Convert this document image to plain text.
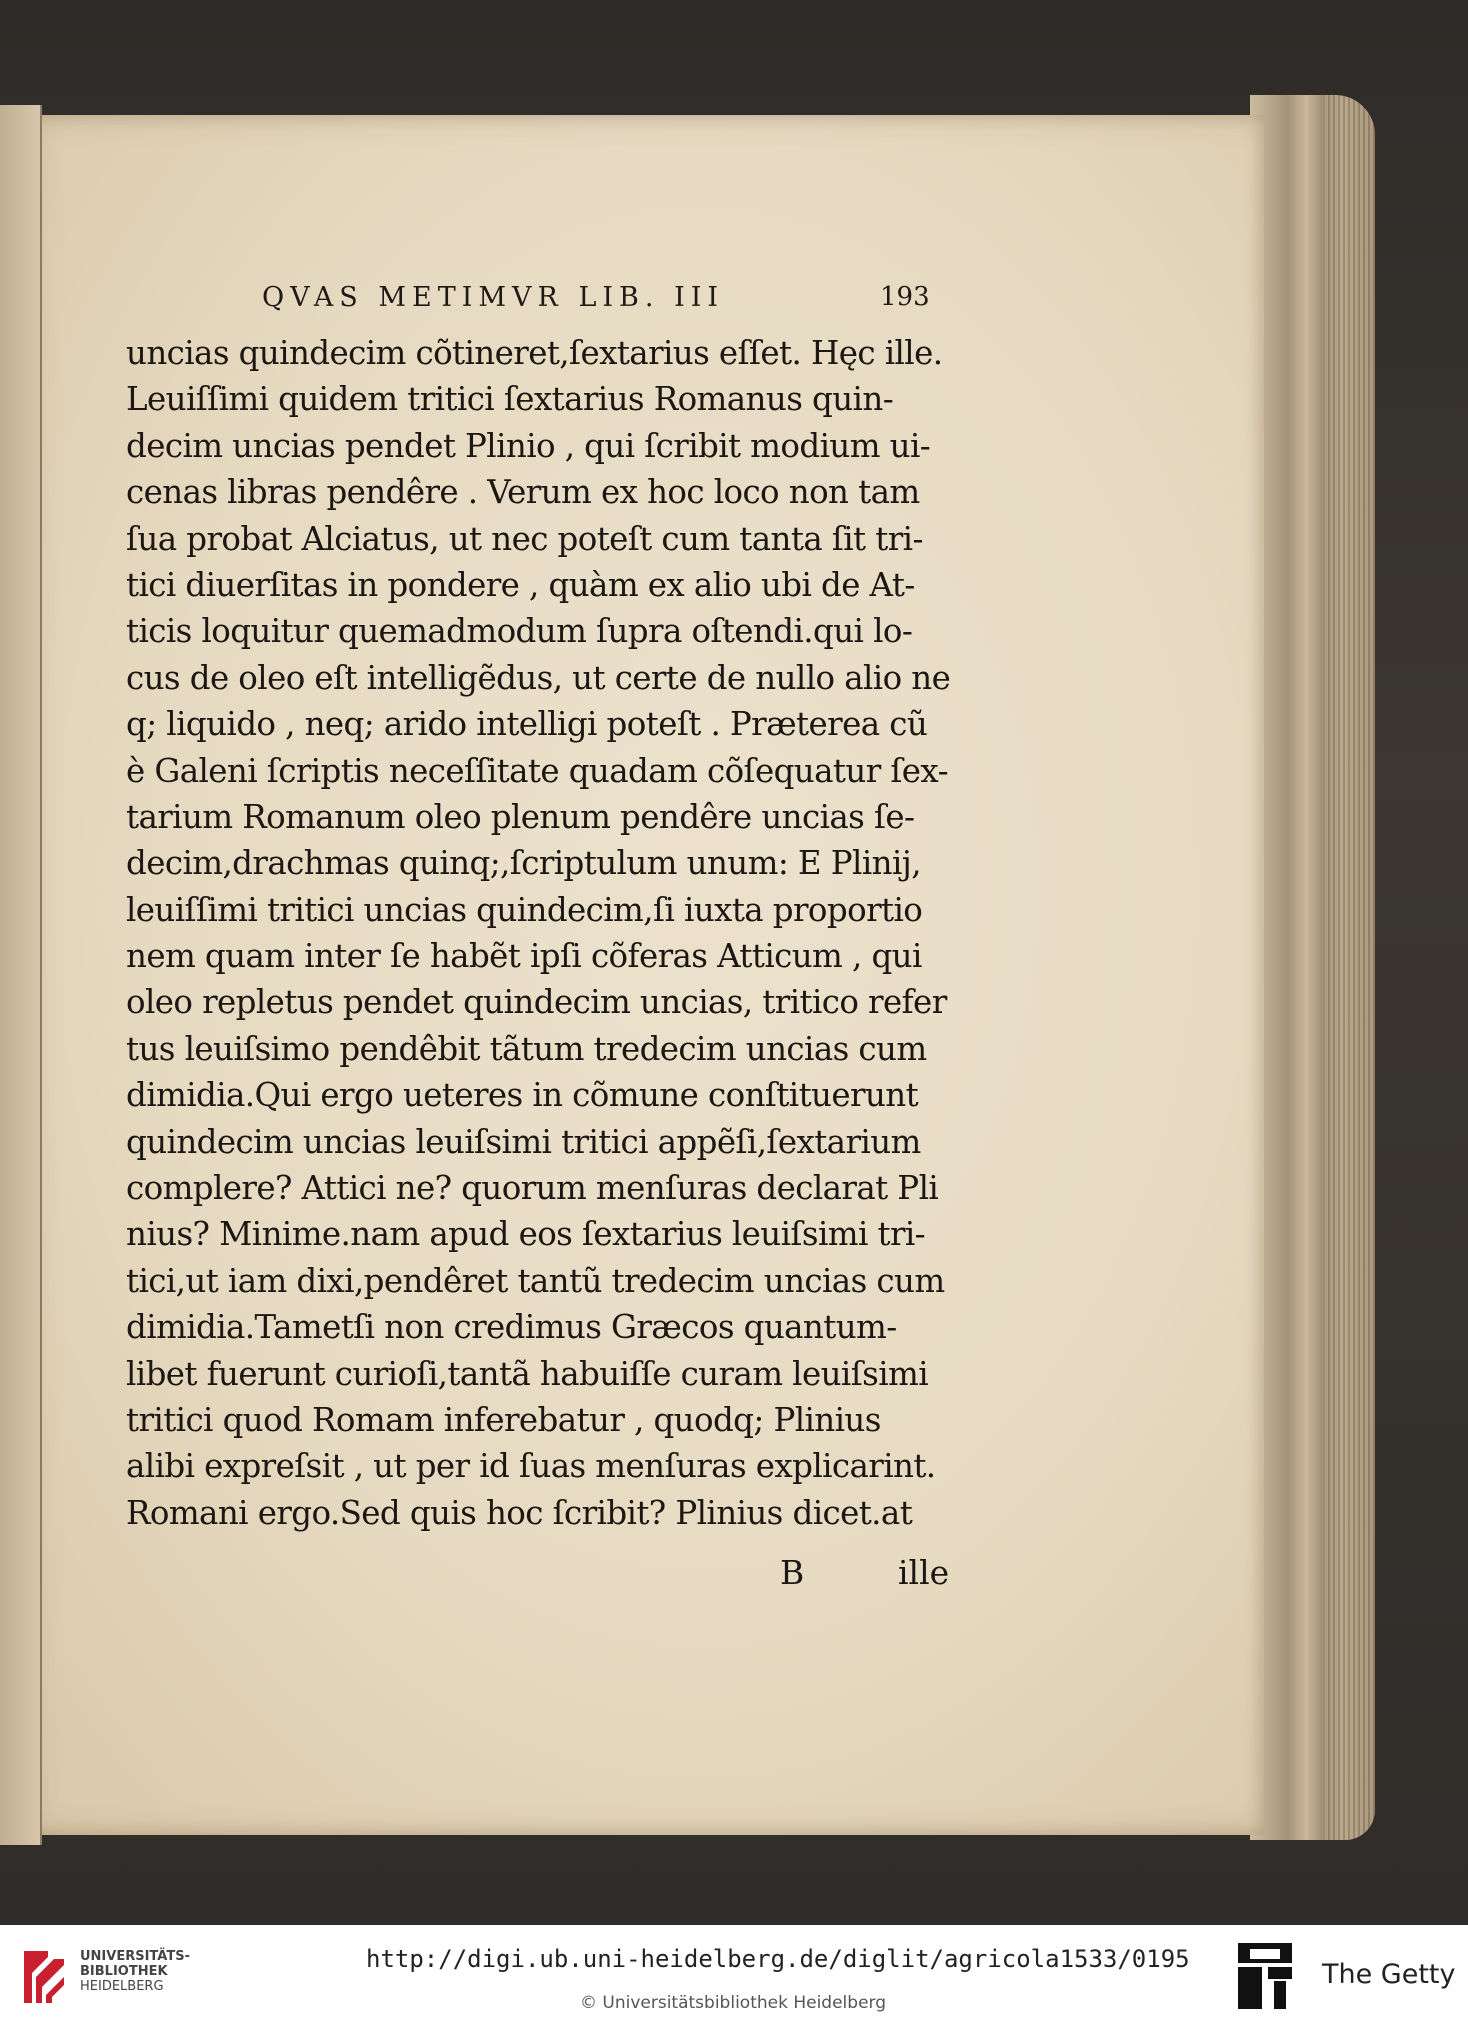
QVAS METIMVR LIB. III	193
uncias quindecim cõtineret,ſextarius eſſet. Hęc ille.
Leuiſſimi quidem tritici ſextarius Romanus quin-
decim uncias pendet Plinio , qui ſcribit modium ui-
cenas libras pendêre . Verum ex hoc loco non tam
ſua probat Alciatus, ut nec poteſt cum tanta ſit tri-
tici diuerſitas in pondere , quàm ex alio ubi de At-
ticis loquitur quemadmodum ſupra oſtendi.qui lo-
cus de oleo eſt intelligẽdus, ut certe de nullo alio ne
q; liquido , neq; arido intelligi poteſt . Præterea cũ
è Galeni ſcriptis neceſſitate quadam cõſequatur ſex-
tarium Romanum oleo plenum pendêre uncias ſe-
decim,drachmas quinq;,ſcriptulum unum: E Plinij,
leuiſſimi tritici uncias quindecim,ſi iuxta proportio
nem quam inter ſe habẽt ipſi cõferas Atticum , qui
oleo repletus pendet quindecim uncias, tritico refer
tus leuiſsimo pendêbit tãtum tredecim uncias cum
dimidia.Qui ergo ueteres in cõmune conſtituerunt
quindecim uncias leuiſsimi tritici appẽſi,ſextarium
complere? Attici ne? quorum menſuras declarat Pli
nius? Minime.nam apud eos ſextarius leuiſsimi tri-
tici,ut iam dixi,pendêret tantũ tredecim uncias cum
dimidia.Tametſi non credimus Græcos quantum-
libet fuerunt curioſi,tantã habuiſſe curam leuiſsimi
tritici quod Romam inferebatur , quodq; Plinius
alibi expreſsit , ut per id ſuas menſuras explicarint.
Romani ergo.Sed quis hoc ſcribit? Plinius dicet.at
B	ille
UNIVERSITÄTS-
BIBLIOTHEK
HEIDELBERG
http://digi.ub.uni-heidelberg.de/diglit/agricola1533/0195
© Universitätsbibliothek Heidelberg
The Getty
